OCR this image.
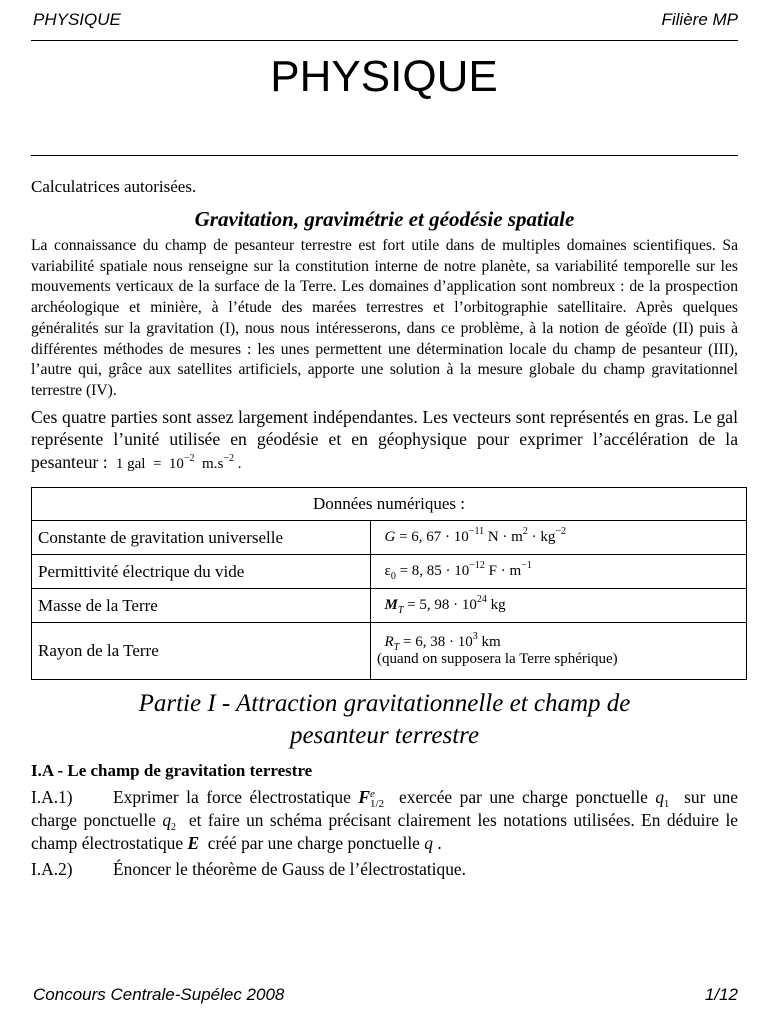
PHYSIQUE	Filière MP
PHYSIQUE

Calculatrices autorisées.

Gravitation, gravimétrie et géodésie spatiale

La connaissance du champ de pesanteur terrestre est fort utile dans de multiples domaines scientifiques. Sa variabilité spatiale nous renseigne sur la constitution interne de notre planète, sa variabilité temporelle sur les mouvements verticaux de la surface de la Terre. Les domaines d’application sont nombreux : de la prospection archéologique et minière, à l’étude des marées terrestres et l’orbitographie satellitaire. Après quelques généralités sur la gravitation (I), nous nous intéresserons, dans ce problème, à la notion de géoïde (II) puis à différentes méthodes de mesures : les unes permettent une détermination locale du champ de pesanteur (III), l’autre qui, grâce aux satellites artificiels, apporte une solution à la mesure globale du champ gravitationnel terrestre (IV).

Ces quatre parties sont assez largement indépendantes. Les vecteurs sont représentés en gras. Le gal représente l’unité utilisée en géodésie et en géophysique pour exprimer l’accélération de la pesanteur : 1 gal = $10^{-2}$ $m.s^{-2}$ .

Données numériques :	
Constante de gravitation universelle	G = 6, $67 \cdot 10^{-11}$ $N \cdot m^2 \cdot kg^{-2}$
Permittivité électrique du vide	$\varepsilon_0 = 8$, $85 \cdot 10^{-12}$ $F \cdot m^{-1}$
Masse de la Terre	$M_T = 5$, $98 \cdot 10^{24}$ kg
Rayon de la Terre	$R_T = 6$, $38 \cdot 10^3$ km
(quand on supposera la Terre sphérique)
Partie I - Attraction gravitationnelle et champ de
pesanteur terrestre
I.A - Le champ de gravitation terrestre

I.A.1) Exprimer la force électrostatique Fe
1/2 exercée par une charge ponctuelle $q_1$ sur une charge ponctuelle $q_2$ et faire un schéma précisant clairement les notations utilisées. En déduire le champ électrostatique E créé par une charge ponctuelle q .

I.A.2) Énoncer le théorème de Gauss de l’électrostatique.

Concours Centrale-Supélec 2008	1/12
